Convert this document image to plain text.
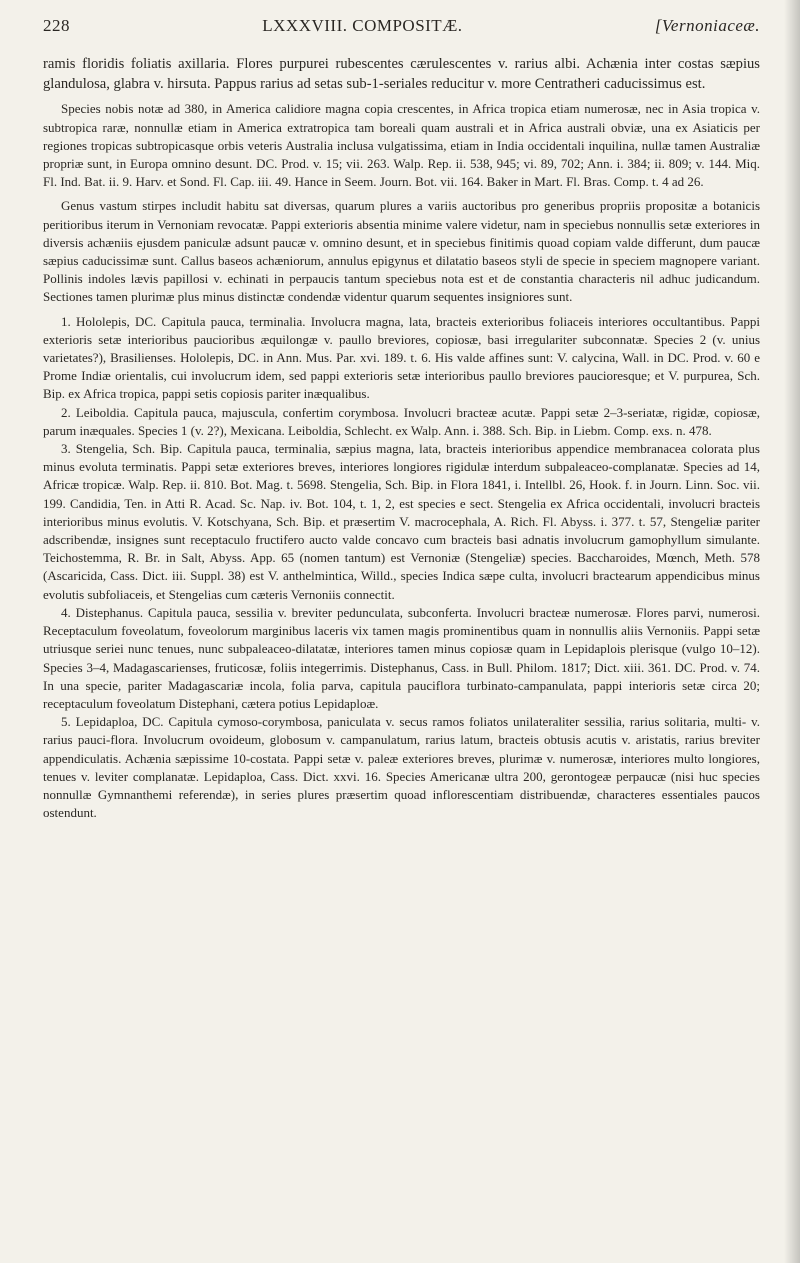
228	LXXXVIII. COMPOSITÆ.	[Vernoniaceæ.

ramis floridis foliatis axillaria. Flores purpurei rubescentes cærulescentes v. rarius albi. Achænia inter costas sæpius glandulosa, glabra v. hirsuta. Pappus rarius ad setas sub-1-seriales reducitur v. more Centratheri caducissimus est.

Species nobis notæ ad 380, in America calidiore magna copia crescentes, in Africa tropica etiam numerosæ, nec in Asia tropica v. subtropica raræ, nonnullæ etiam in America extratropica tam boreali quam australi et in Africa australi obviæ, una ex Asiaticis per regiones tropicas subtropicasque orbis veteris Australia inclusa vulgatissima, etiam in India occidentali inquilina, nullæ tamen Australiæ propriæ sunt, in Europa omnino desunt. DC. Prod. v. 15; vii. 263. Walp. Rep. ii. 538, 945; vi. 89, 702; Ann. i. 384; ii. 809; v. 144. Miq. Fl. Ind. Bat. ii. 9. Harv. et Sond. Fl. Cap. iii. 49. Hance in Seem. Journ. Bot. vii. 164. Baker in Mart. Fl. Bras. Comp. t. 4 ad 26.

Genus vastum stirpes includit habitu sat diversas, quarum plures a variis auctoribus pro generibus propriis propositæ a botanicis peritioribus iterum in Vernoniam revocatæ. Pappi exterioris absentia minime valere videtur, nam in speciebus nonnullis setæ exteriores in diversis achæniis ejusdem paniculæ adsunt paucæ v. omnino desunt, et in speciebus finitimis quoad copiam valde differunt, dum paucæ sæpius caducissimæ sunt. Callus baseos achæniorum, annulus epigynus et dilatatio baseos styli de specie in speciem magnopere variant. Pollinis indoles lævis papillosi v. echinati in perpaucis tantum speciebus nota est et de constantia characteris nil adhuc judicandum. Sectiones tamen plurimæ plus minus distinctæ condendæ videntur quarum sequentes insigniores sunt.

1. Hololepis, DC. Capitula pauca, terminalia. Involucra magna, lata, bracteis exterioribus foliaceis interiores occultantibus. Pappi exterioris setæ interioribus paucioribus æquilongæ v. paullo breviores, copiosæ, basi irregulariter subconnatæ. Species 2 (v. unius varietates?), Brasilienses. Hololepis, DC. in Ann. Mus. Par. xvi. 189. t. 6. His valde affines sunt: V. calycina, Wall. in DC. Prod. v. 60 e Prome Indiæ orientalis, cui involucrum idem, sed pappi exterioris setæ interioribus paullo breviores paucioresque; et V. purpurea, Sch. Bip. ex Africa tropica, pappi setis copiosis pariter inæqualibus.

2. Leiboldia. Capitula pauca, majuscula, confertim corymbosa. Involucri bracteæ acutæ. Pappi setæ 2–3-seriatæ, rigidæ, copiosæ, parum inæquales. Species 1 (v. 2?), Mexicana. Leiboldia, Schlecht. ex Walp. Ann. i. 388. Sch. Bip. in Liebm. Comp. exs. n. 478.

3. Stengelia, Sch. Bip. Capitula pauca, terminalia, sæpius magna, lata, bracteis interioribus appendice membranacea colorata plus minus evoluta terminatis. Pappi setæ exteriores breves, interiores longiores rigidulæ interdum subpaleaceo-complanatæ. Species ad 14, Africæ tropicæ. Walp. Rep. ii. 810. Bot. Mag. t. 5698. Stengelia, Sch. Bip. in Flora 1841, i. Intellbl. 26, Hook. f. in Journ. Linn. Soc. vii. 199. Candidia, Ten. in Atti R. Acad. Sc. Nap. iv. Bot. 104, t. 1, 2, est species e sect. Stengelia ex Africa occidentali, involucri bracteis interioribus minus evolutis. V. Kotschyana, Sch. Bip. et præsertim V. macrocephala, A. Rich. Fl. Abyss. i. 377. t. 57, Stengeliæ pariter adscribendæ, insignes sunt receptaculo fructifero aucto valde concavo cum bracteis basi adnatis involucrum gamophyllum simulante. Teichostemma, R. Br. in Salt, Abyss. App. 65 (nomen tantum) est Vernoniæ (Stengeliæ) species. Baccharoides, Mœnch, Meth. 578 (Ascaricida, Cass. Dict. iii. Suppl. 38) est V. anthelmintica, Willd., species Indica sæpe culta, involucri bractearum appendicibus minus evolutis subfoliaceis, et Stengelias cum cæteris Vernoniis connectit.

4. Distephanus. Capitula pauca, sessilia v. breviter pedunculata, subconferta. Involucri bracteæ numerosæ. Flores parvi, numerosi. Receptaculum foveolatum, foveolorum marginibus laceris vix tamen magis prominentibus quam in nonnullis aliis Vernoniis. Pappi setæ utriusque seriei nunc tenues, nunc subpaleaceo-dilatatæ, interiores tamen minus copiosæ quam in Lepidaplois plerisque (vulgo 10–12). Species 3–4, Madagascarienses, fruticosæ, foliis integerrimis. Distephanus, Cass. in Bull. Philom. 1817; Dict. xiii. 361. DC. Prod. v. 74. In una specie, pariter Madagascariæ incola, folia parva, capitula pauciflora turbinato-campanulata, pappi interioris setæ circa 20; receptaculum foveolatum Distephani, cætera potius Lepidaploæ.

5. Lepidaploa, DC. Capitula cymoso-corymbosa, paniculata v. secus ramos foliatos unilateraliter sessilia, rarius solitaria, multi- v. rarius pauci-flora. Involucrum ovoideum, globosum v. campanulatum, rarius latum, bracteis obtusis acutis v. aristatis, rarius breviter appendiculatis. Achænia sæpissime 10-costata. Pappi setæ v. paleæ exteriores breves, plurimæ v. numerosæ, interiores multo longiores, tenues v. leviter complanatæ. Lepidaploa, Cass. Dict. xxvi. 16. Species Americanæ ultra 200, gerontogeæ perpaucæ (nisi huc species nonnullæ Gymnanthemi referendæ), in series plures præsertim quoad inflorescentiam distribuendæ, characteres essentiales paucos ostendunt.
